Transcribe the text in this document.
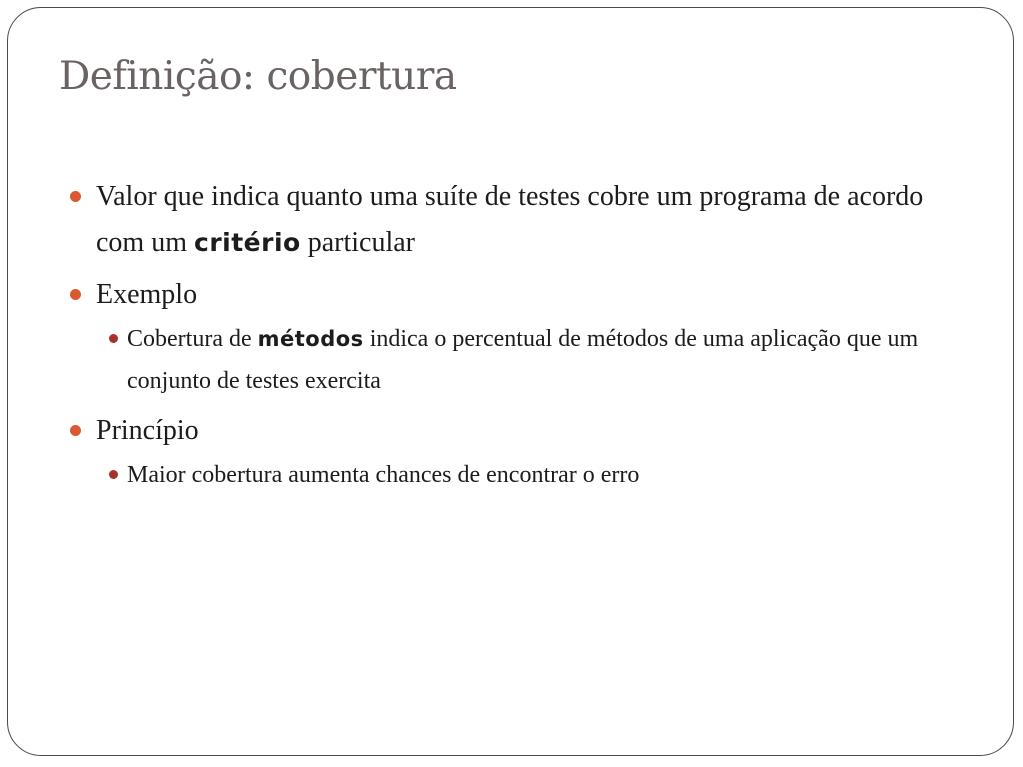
Definição: cobertura
Valor que indica quanto uma suíte de testes cobre um programa de acordo com um critério particular
Exemplo
Cobertura de métodos indica o percentual de métodos de uma aplicação que um conjunto de testes exercita
Princípio
Maior cobertura aumenta chances de encontrar o erro
